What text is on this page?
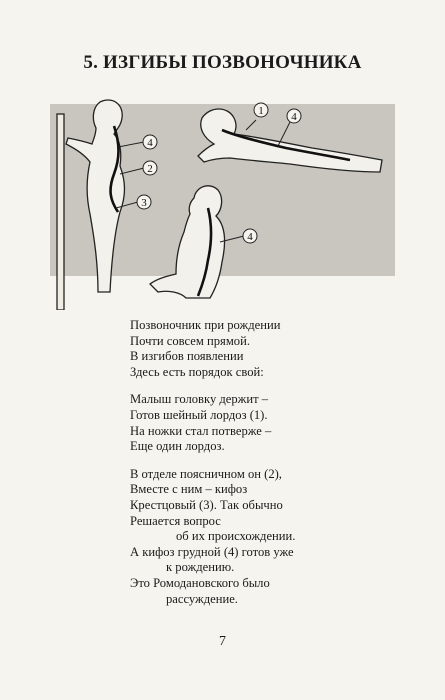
5. ИЗГИБЫ ПОЗВОНОЧНИКА
2
3
1
4
4
4
Позвоночник при рождении
Почти совсем прямой.
В изгибов появлении
Здесь есть порядок свой:
Малыш головку держит –
Готов шейный лордоз (1).
На ножки стал потверже –
Еще один лордоз.
В отделе поясничном он (2),
Вместе с ним – кифоз
Крестцовый (3). Так обычно
Решается вопрос
об их происхождении.
А кифоз грудной (4) готов уже
к рождению.
Это Ромодановского было
рассуждение.
7
